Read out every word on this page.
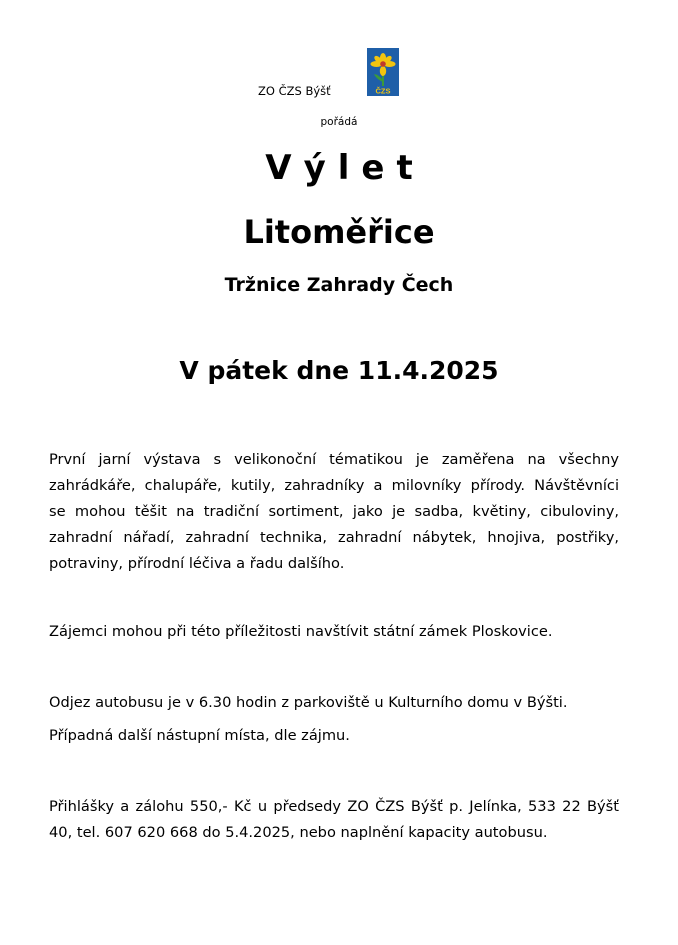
ZO ČZS Býšť	ČZS
pořádá
Výlet
Litoměřice
Tržnice Zahrady Čech
V pátek dne 11.4.2025
První jarní výstava s velikonoční tématikou je zaměřena na všechny
zahrádkáře, chalupáře, kutily, zahradníky a milovníky přírody. Návštěvníci
se mohou těšit na tradiční sortiment, jako je sadba, květiny, cibuloviny,
zahradní nářadí, zahradní technika, zahradní nábytek, hnojiva, postřiky,
potraviny, přírodní léčiva a řadu dalšího.
Zájemci mohou při této příležitosti navštívit státní zámek Ploskovice.
Odjez autobusu je v 6.30 hodin z parkoviště u Kulturního domu v Býšti.
Případná další nástupní místa, dle zájmu.
Přihlášky a zálohu 550,- Kč u předsedy ZO ČZS Býšť p. Jelínka, 533 22 Býšť
40, tel. 607 620 668 do 5.4.2025, nebo naplnění kapacity autobusu.
